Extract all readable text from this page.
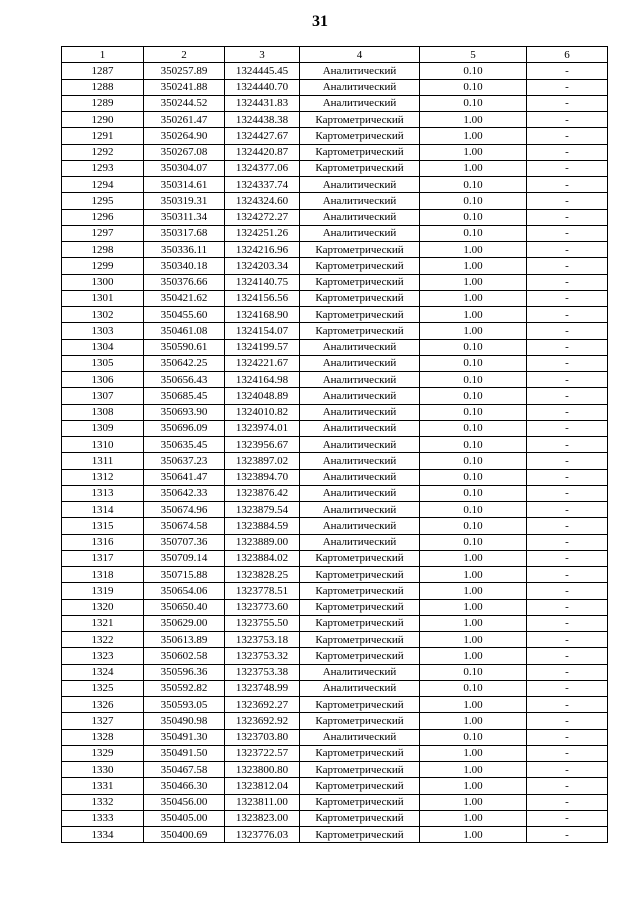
31
1	2	3	4	5	6
1287	350257.89	1324445.45	Аналитический	0.10	-
1288	350241.88	1324440.70	Аналитический	0.10	-
1289	350244.52	1324431.83	Аналитический	0.10	-
1290	350261.47	1324438.38	Картометрический	1.00	-
1291	350264.90	1324427.67	Картометрический	1.00	-
1292	350267.08	1324420.87	Картометрический	1.00	-
1293	350304.07	1324377.06	Картометрический	1.00	-
1294	350314.61	1324337.74	Аналитический	0.10	-
1295	350319.31	1324324.60	Аналитический	0.10	-
1296	350311.34	1324272.27	Аналитический	0.10	-
1297	350317.68	1324251.26	Аналитический	0.10	-
1298	350336.11	1324216.96	Картометрический	1.00	-
1299	350340.18	1324203.34	Картометрический	1.00	-
1300	350376.66	1324140.75	Картометрический	1.00	-
1301	350421.62	1324156.56	Картометрический	1.00	-
1302	350455.60	1324168.90	Картометрический	1.00	-
1303	350461.08	1324154.07	Картометрический	1.00	-
1304	350590.61	1324199.57	Аналитический	0.10	-
1305	350642.25	1324221.67	Аналитический	0.10	-
1306	350656.43	1324164.98	Аналитический	0.10	-
1307	350685.45	1324048.89	Аналитический	0.10	-
1308	350693.90	1324010.82	Аналитический	0.10	-
1309	350696.09	1323974.01	Аналитический	0.10	-
1310	350635.45	1323956.67	Аналитический	0.10	-
1311	350637.23	1323897.02	Аналитический	0.10	-
1312	350641.47	1323894.70	Аналитический	0.10	-
1313	350642.33	1323876.42	Аналитический	0.10	-
1314	350674.96	1323879.54	Аналитический	0.10	-
1315	350674.58	1323884.59	Аналитический	0.10	-
1316	350707.36	1323889.00	Аналитический	0.10	-
1317	350709.14	1323884.02	Картометрический	1.00	-
1318	350715.88	1323828.25	Картометрический	1.00	-
1319	350654.06	1323778.51	Картометрический	1.00	-
1320	350650.40	1323773.60	Картометрический	1.00	-
1321	350629.00	1323755.50	Картометрический	1.00	-
1322	350613.89	1323753.18	Картометрический	1.00	-
1323	350602.58	1323753.32	Картометрический	1.00	-
1324	350596.36	1323753.38	Аналитический	0.10	-
1325	350592.82	1323748.99	Аналитический	0.10	-
1326	350593.05	1323692.27	Картометрический	1.00	-
1327	350490.98	1323692.92	Картометрический	1.00	-
1328	350491.30	1323703.80	Аналитический	0.10	-
1329	350491.50	1323722.57	Картометрический	1.00	-
1330	350467.58	1323800.80	Картометрический	1.00	-
1331	350466.30	1323812.04	Картометрический	1.00	-
1332	350456.00	1323811.00	Картометрический	1.00	-
1333	350405.00	1323823.00	Картометрический	1.00	-
1334	350400.69	1323776.03	Картометрический	1.00	-
